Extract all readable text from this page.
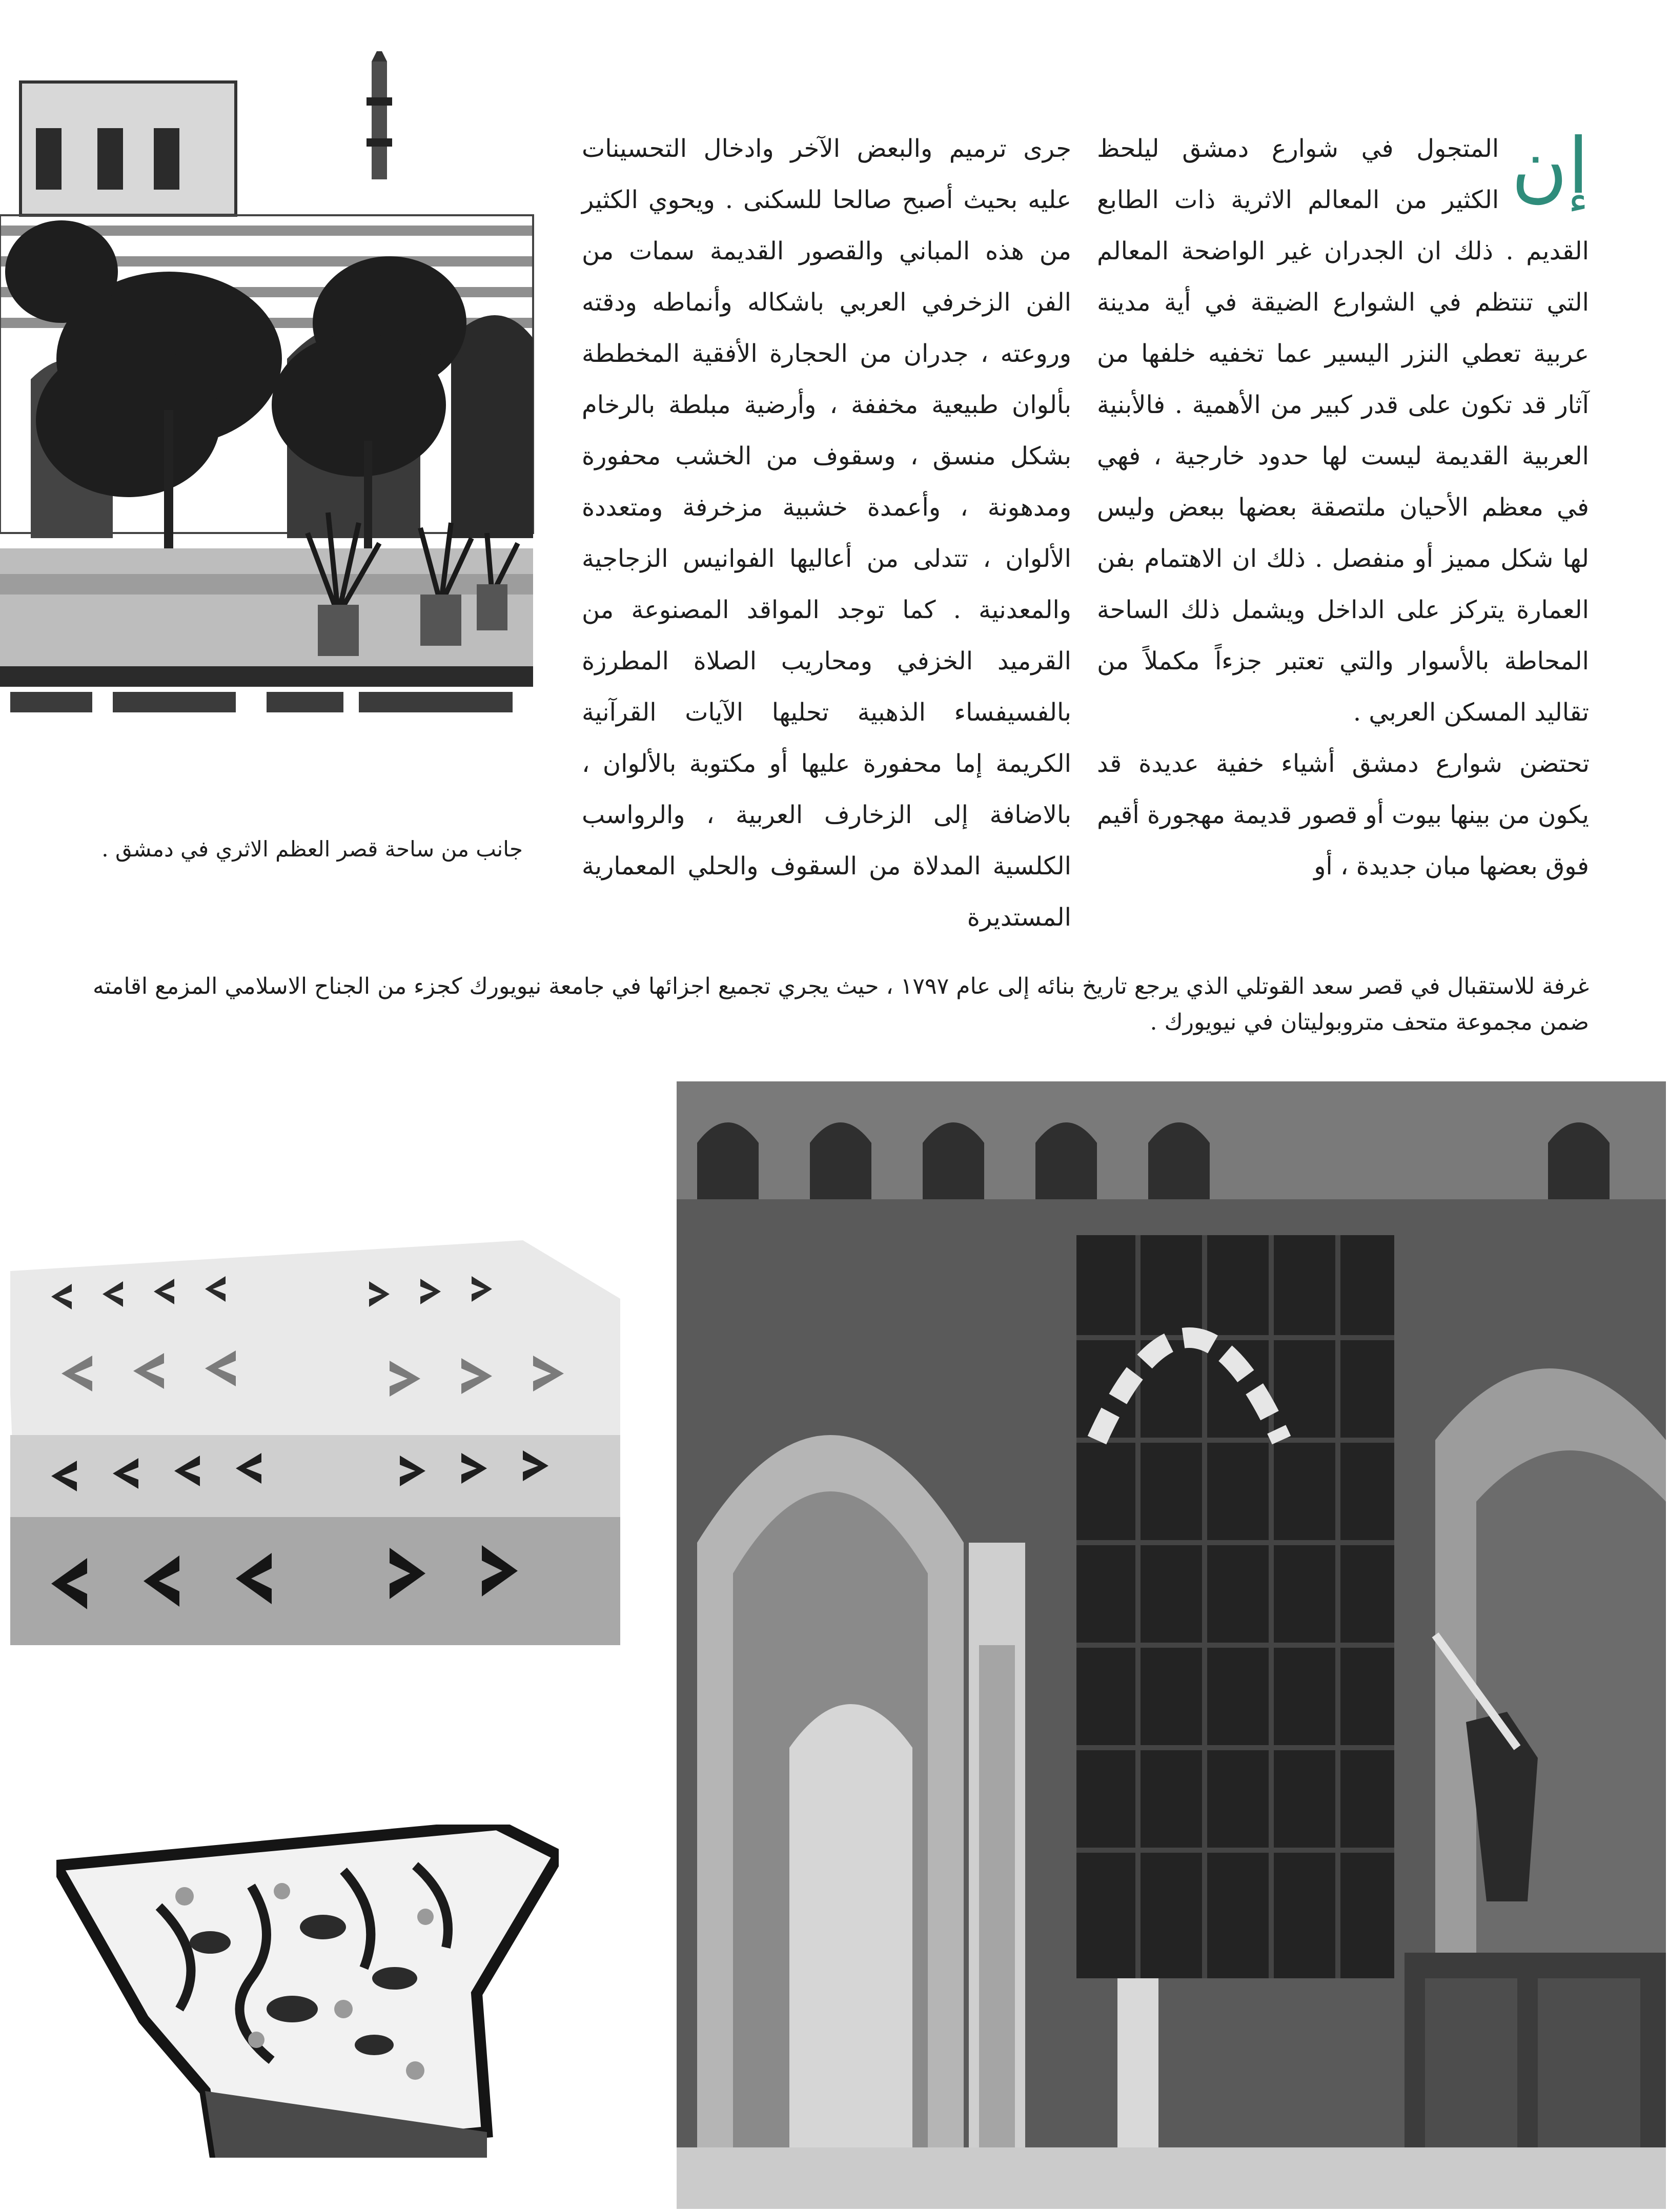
إن

المتجول في شوارع دمشق ليلحظ الكثير من المعالم الاثرية ذات الطابع القديم . ذلك ان الجدران غير الواضحة المعالم التي تنتظم في الشوارع الضيقة في أية مدينة عربية تعطي النزر اليسير عما تخفيه خلفها من آثار قد تكون على قدر كبير من الأهمية . فالأبنية العربية القديمة ليست لها حدود خارجية ، فهي في معظم الأحيان ملتصقة بعضها ببعض وليس لها شكل مميز أو منفصل . ذلك ان الاهتمام بفن العمارة يتركز على الداخل ويشمل ذلك الساحة المحاطة بالأسوار والتي تعتبر جزءاً مكملاً من تقاليد المسكن العربي .

تحتضن شوارع دمشق أشياء خفية عديدة قد يكون من بينها بيوت أو قصور قديمة مهجورة أقيم فوق بعضها مبان جديدة ، أو

جرى ترميم والبعض الآخر وادخال التحسينات عليه بحيث أصبح صالحا للسكنى . ويحوي الكثير من هذه المباني والقصور القديمة سمات من الفن الزخرفي العربي باشكاله وأنماطه ودقته وروعته ، جدران من الحجارة الأفقية المخططة بألوان طبيعية مخففة ، وأرضية مبلطة بالرخام بشكل منسق ، وسقوف من الخشب محفورة ومدهونة ، وأعمدة خشبية مزخرفة ومتعددة الألوان ، تتدلى من أعاليها الفوانيس الزجاجية والمعدنية . كما توجد المواقد المصنوعة من القرميد الخزفي ومحاريب الصلاة المطرزة بالفسيفساء الذهبية تحليها الآيات القرآنية الكريمة إما محفورة عليها أو مكتوبة بالألوان ، بالاضافة إلى الزخارف العربية ، والرواسب الكلسية المدلاة من السقوف والحلي المعمارية المستديرة

جانب من ساحة قصر العظم الاثري في دمشق .
غرفة للاستقبال في قصر سعد القوتلي الذي يرجع تاريخ بنائه إلى عام ١٧٩٧ ، حيث يجري تجميع اجزائها في جامعة نيويورك كجزء من الجناح الاسلامي المزمع اقامته ضمن مجموعة متحف متروبوليتان في نيويورك .
